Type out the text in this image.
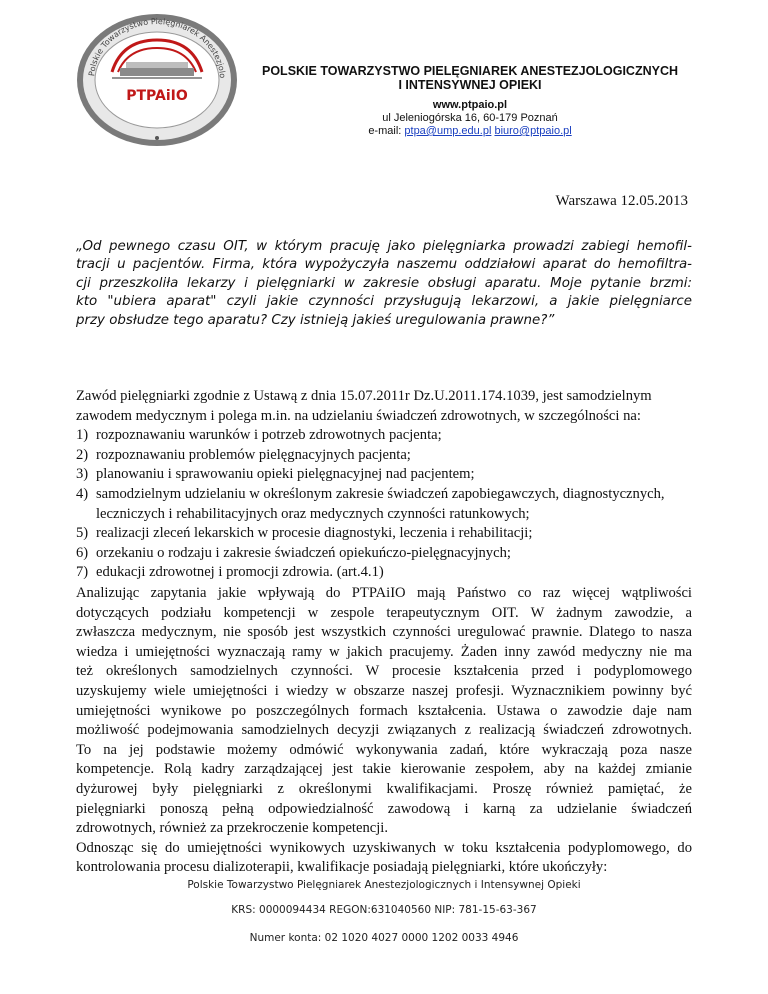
Polskie Towarzystwo Pielęgniarek Anestezjolo
PTPAiIO
POLSKIE TOWARZYSTWO PIELĘGNIAREK ANESTEZJOLOGICZNYCH
I INTENSYWNEJ OPIEKI
www.ptpaio.pl
ul Jeleniogórska 16, 60-179 Poznań
e-mail: ptpa@ump.edu.pl biuro@ptpaio.pl
Warszawa 12.05.2013
„Od pewnego czasu OIT, w którym pracuję jako pielęgniarka prowadzi zabiegi hemofil-
tracji u pacjentów. Firma, która wypożyczyła naszemu oddziałowi aparat do hemofiltra-
cji przeszkoliła lekarzy i pielęgniarki w zakresie obsługi aparatu. Moje pytanie brzmi:
kto "ubiera aparat" czyli jakie czynności przysługują lekarzowi, a jakie pielęgniarce
przy obsłudze tego aparatu? Czy istnieją jakieś uregulowania prawne?”
Zawód pielęgniarki zgodnie z Ustawą z dnia 15.07.2011r Dz.U.2011.174.1039, jest samodzielnym
zawodem medycznym i polega m.in. na udzielaniu świadczeń zdrowotnych, w szczególności na:
1) rozpoznawaniu warunków i potrzeb zdrowotnych pacjenta;
2) rozpoznawaniu problemów pielęgnacyjnych pacjenta;
3) planowaniu i sprawowaniu opieki pielęgnacyjnej nad pacjentem;
4) samodzielnym udzielaniu w określonym zakresie świadczeń zapobiegawczych, diagnostycznych,
leczniczych i rehabilitacyjnych oraz medycznych czynności ratunkowych;
5) realizacji zleceń lekarskich w procesie diagnostyki, leczenia i rehabilitacji;
6) orzekaniu o rodzaju i zakresie świadczeń opiekuńczo-pielęgnacyjnych;
7) edukacji zdrowotnej i promocji zdrowia. (art.4.1)
Analizując zapytania jakie wpływają do PTPAiIO mają Państwo co raz więcej wątpliwości
dotyczących podziału kompetencji w zespole terapeutycznym OIT. W żadnym zawodzie, a
zwłaszcza medycznym, nie sposób jest wszystkich czynności uregulować prawnie. Dlatego to nasza
wiedza i umiejętności wyznaczają ramy w jakich pracujemy. Żaden inny zawód medyczny nie ma
też określonych samodzielnych czynności. W procesie kształcenia przed i podyplomowego
uzyskujemy wiele umiejętności i wiedzy w obszarze naszej profesji. Wyznacznikiem powinny być
umiejętności wynikowe po poszczególnych formach kształcenia. Ustawa o zawodzie daje nam
możliwość podejmowania samodzielnych decyzji związanych z realizacją świadczeń zdrowotnych.
To na jej podstawie możemy odmówić wykonywania zadań, które wykraczają poza nasze
kompetencje. Rolą kadry zarządzającej jest takie kierowanie zespołem, aby na każdej zmianie
dyżurowej były pielęgniarki z określonymi kwalifikacjami. Proszę również pamiętać, że
pielęgniarki ponoszą pełną odpowiedzialność zawodową i karną za udzielanie świadczeń
zdrowotnych, również za przekroczenie kompetencji.
Odnosząc się do umiejętności wynikowych uzyskiwanych w toku kształcenia podyplomowego, do
kontrolowania procesu dializoterapii, kwalifikacje posiadają pielęgniarki, które ukończyły:
Polskie Towarzystwo Pielęgniarek Anestezjologicznych i Intensywnej Opieki
KRS: 0000094434 REGON:631040560 NIP: 781-15-63-367
Numer konta: 02 1020 4027 0000 1202 0033 4946
